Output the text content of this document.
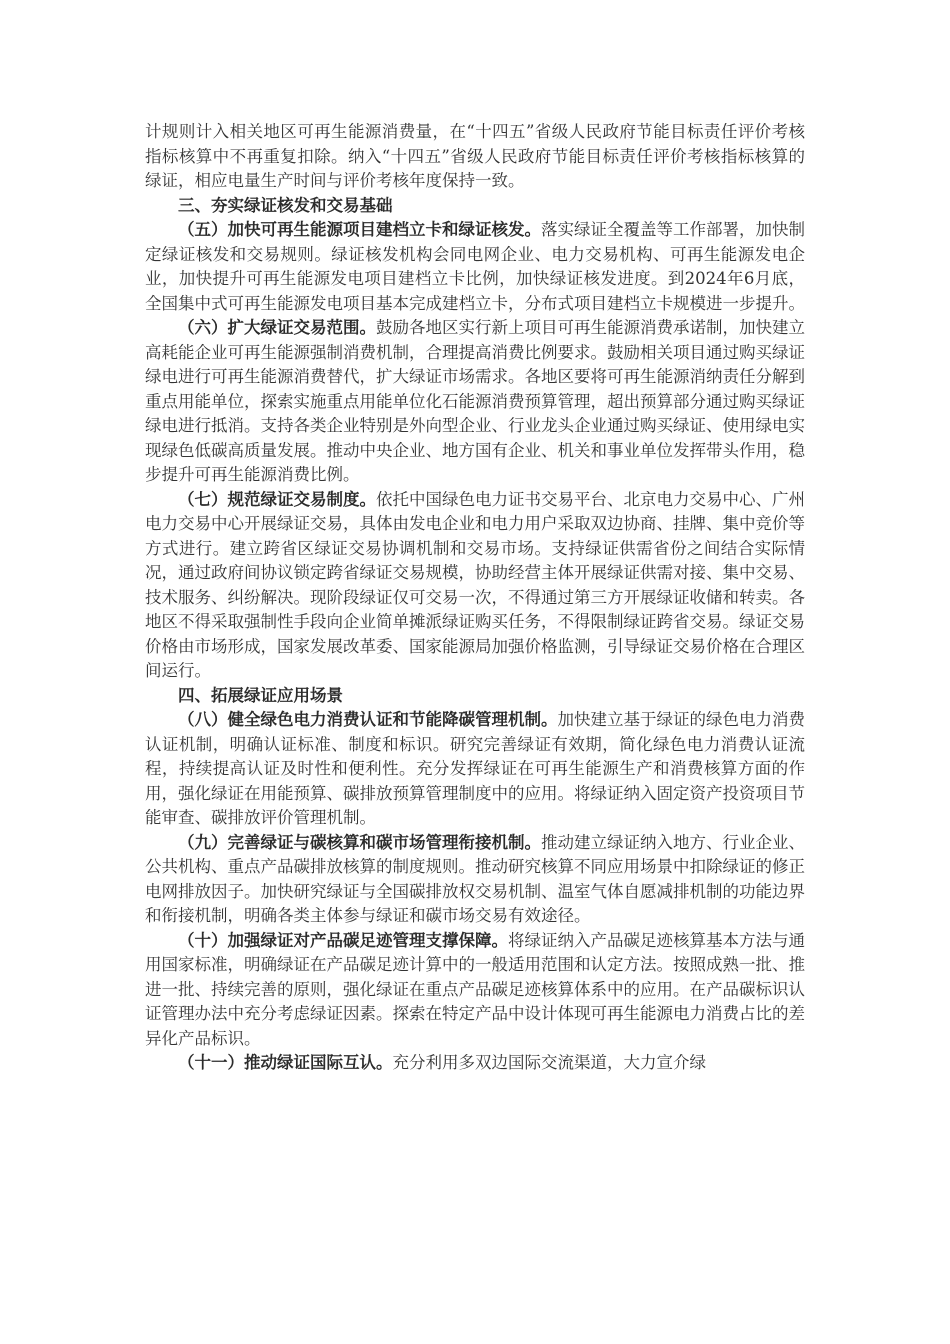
计规则计入相关地区可再生能源消费量，在“十四五”省级人民政府节能目标责任评价考核指标核算中不再重复扣除。纳入“十四五”省级人民政府节能目标责任评价考核指标核算的绿证，相应电量生产时间与评价考核年度保持一致。

三、夯实绿证核发和交易基础

（五）加快可再生能源项目建档立卡和绿证核发。落实绿证全覆盖等工作部署，加快制定绿证核发和交易规则。绿证核发机构会同电网企业、电力交易机构、可再生能源发电企业，加快提升可再生能源发电项目建档立卡比例，加快绿证核发进度。到2024年6月底，全国集中式可再生能源发电项目基本完成建档立卡，分布式项目建档立卡规模进一步提升。

（六）扩大绿证交易范围。鼓励各地区实行新上项目可再生能源消费承诺制，加快建立高耗能企业可再生能源强制消费机制，合理提高消费比例要求。鼓励相关项目通过购买绿证绿电进行可再生能源消费替代，扩大绿证市场需求。各地区要将可再生能源消纳责任分解到重点用能单位，探索实施重点用能单位化石能源消费预算管理，超出预算部分通过购买绿证绿电进行抵消。支持各类企业特别是外向型企业、行业龙头企业通过购买绿证、使用绿电实现绿色低碳高质量发展。推动中央企业、地方国有企业、机关和事业单位发挥带头作用，稳步提升可再生能源消费比例。

（七）规范绿证交易制度。依托中国绿色电力证书交易平台、北京电力交易中心、广州电力交易中心开展绿证交易，具体由发电企业和电力用户采取双边协商、挂牌、集中竞价等方式进行。建立跨省区绿证交易协调机制和交易市场。支持绿证供需省份之间结合实际情况，通过政府间协议锁定跨省绿证交易规模，协助经营主体开展绿证供需对接、集中交易、技术服务、纠纷解决。现阶段绿证仅可交易一次，不得通过第三方开展绿证收储和转卖。各地区不得采取强制性手段向企业简单摊派绿证购买任务，不得限制绿证跨省交易。绿证交易价格由市场形成，国家发展改革委、国家能源局加强价格监测，引导绿证交易价格在合理区间运行。

四、拓展绿证应用场景

（八）健全绿色电力消费认证和节能降碳管理机制。加快建立基于绿证的绿色电力消费认证机制，明确认证标准、制度和标识。研究完善绿证有效期，简化绿色电力消费认证流程，持续提高认证及时性和便利性。充分发挥绿证在可再生能源生产和消费核算方面的作用，强化绿证在用能预算、碳排放预算管理制度中的应用。将绿证纳入固定资产投资项目节能审查、碳排放评价管理机制。

（九）完善绿证与碳核算和碳市场管理衔接机制。推动建立绿证纳入地方、行业企业、公共机构、重点产品碳排放核算的制度规则。推动研究核算不同应用场景中扣除绿证的修正电网排放因子。加快研究绿证与全国碳排放权交易机制、温室气体自愿减排机制的功能边界和衔接机制，明确各类主体参与绿证和碳市场交易有效途径。

（十）加强绿证对产品碳足迹管理支撑保障。将绿证纳入产品碳足迹核算基本方法与通用国家标准，明确绿证在产品碳足迹计算中的一般适用范围和认定方法。按照成熟一批、推进一批、持续完善的原则，强化绿证在重点产品碳足迹核算体系中的应用。在产品碳标识认证管理办法中充分考虑绿证因素。探索在特定产品中设计体现可再生能源电力消费占比的差异化产品标识。

（十一）推动绿证国际互认。充分利用多双边国际交流渠道，大力宣介绿
